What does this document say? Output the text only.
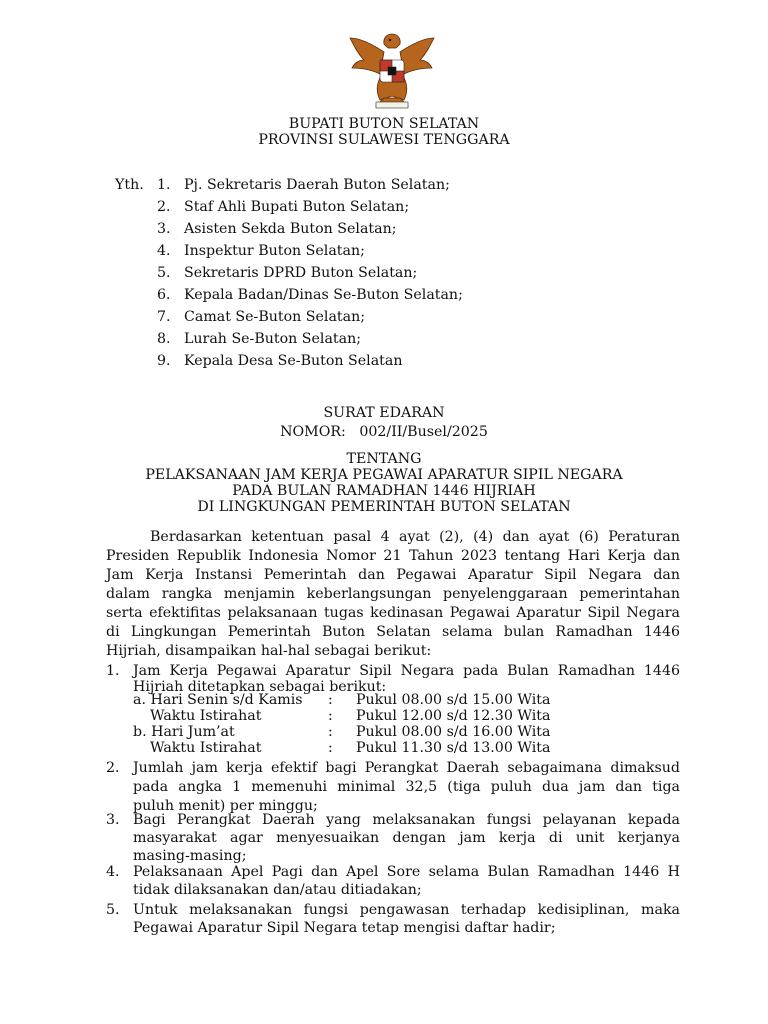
BUPATI BUTON SELATAN
PROVINSI SULAWESI TENGGARA
Yth. 1. Pj. Sekretaris Daerah Buton Selatan;
2. Staf Ahli Bupati Buton Selatan;
3. Asisten Sekda Buton Selatan;
4. Inspektur Buton Selatan;
5. Sekretaris DPRD Buton Selatan;
6. Kepala Badan/Dinas Se-Buton Selatan;
7. Camat Se-Buton Selatan;
8. Lurah Se-Buton Selatan;
9. Kepala Desa Se-Buton Selatan
SURAT EDARAN
NOMOR:   002/II/Busel/2025
TENTANG
PELAKSANAAN JAM KERJA PEGAWAI APARATUR SIPIL NEGARA
PADA BULAN RAMADHAN 1446 HIJRIAH
DI LINGKUNGAN PEMERINTAH BUTON SELATAN
Berdasarkan ketentuan pasal 4 ayat (2), (4) dan ayat (6) Peraturan
Presiden Republik Indonesia Nomor 21 Tahun 2023 tentang Hari Kerja dan
Jam Kerja Instansi Pemerintah dan Pegawai Aparatur Sipil Negara dan
dalam rangka menjamin keberlangsungan penyelenggaraan pemerintahan
serta efektifitas pelaksanaan tugas kedinasan Pegawai Aparatur Sipil Negara
di Lingkungan Pemerintah Buton Selatan selama bulan Ramadhan 1446
Hijriah, disampaikan hal-hal sebagai berikut:
1. Jam Kerja Pegawai Aparatur Sipil Negara pada Bulan Ramadhan 1446
Hijriah ditetapkan sebagai berikut:
a. Hari Senin s/d Kamis : Pukul 08.00 s/d 15.00 Wita
Waktu Istirahat	: Pukul 12.00 s/d 12.30 Wita
b. Hari Jum’at	: Pukul 08.00 s/d 16.00 Wita
Waktu Istirahat	: Pukul 11.30 s/d 13.00 Wita
2. Jumlah jam kerja efektif bagi Perangkat Daerah sebagaimana dimaksud
pada angka 1 memenuhi minimal 32,5 (tiga puluh dua jam dan tiga
puluh menit) per minggu;
3. Bagi Perangkat Daerah yang melaksanakan fungsi pelayanan kepada
masyarakat agar menyesuaikan dengan jam kerja di unit kerjanya
masing-masing;
4. Pelaksanaan Apel Pagi dan Apel Sore selama Bulan Ramadhan 1446 H
tidak dilaksanakan dan/atau ditiadakan;
5. Untuk melaksanakan fungsi pengawasan terhadap kedisiplinan, maka
Pegawai Aparatur Sipil Negara tetap mengisi daftar hadir;
